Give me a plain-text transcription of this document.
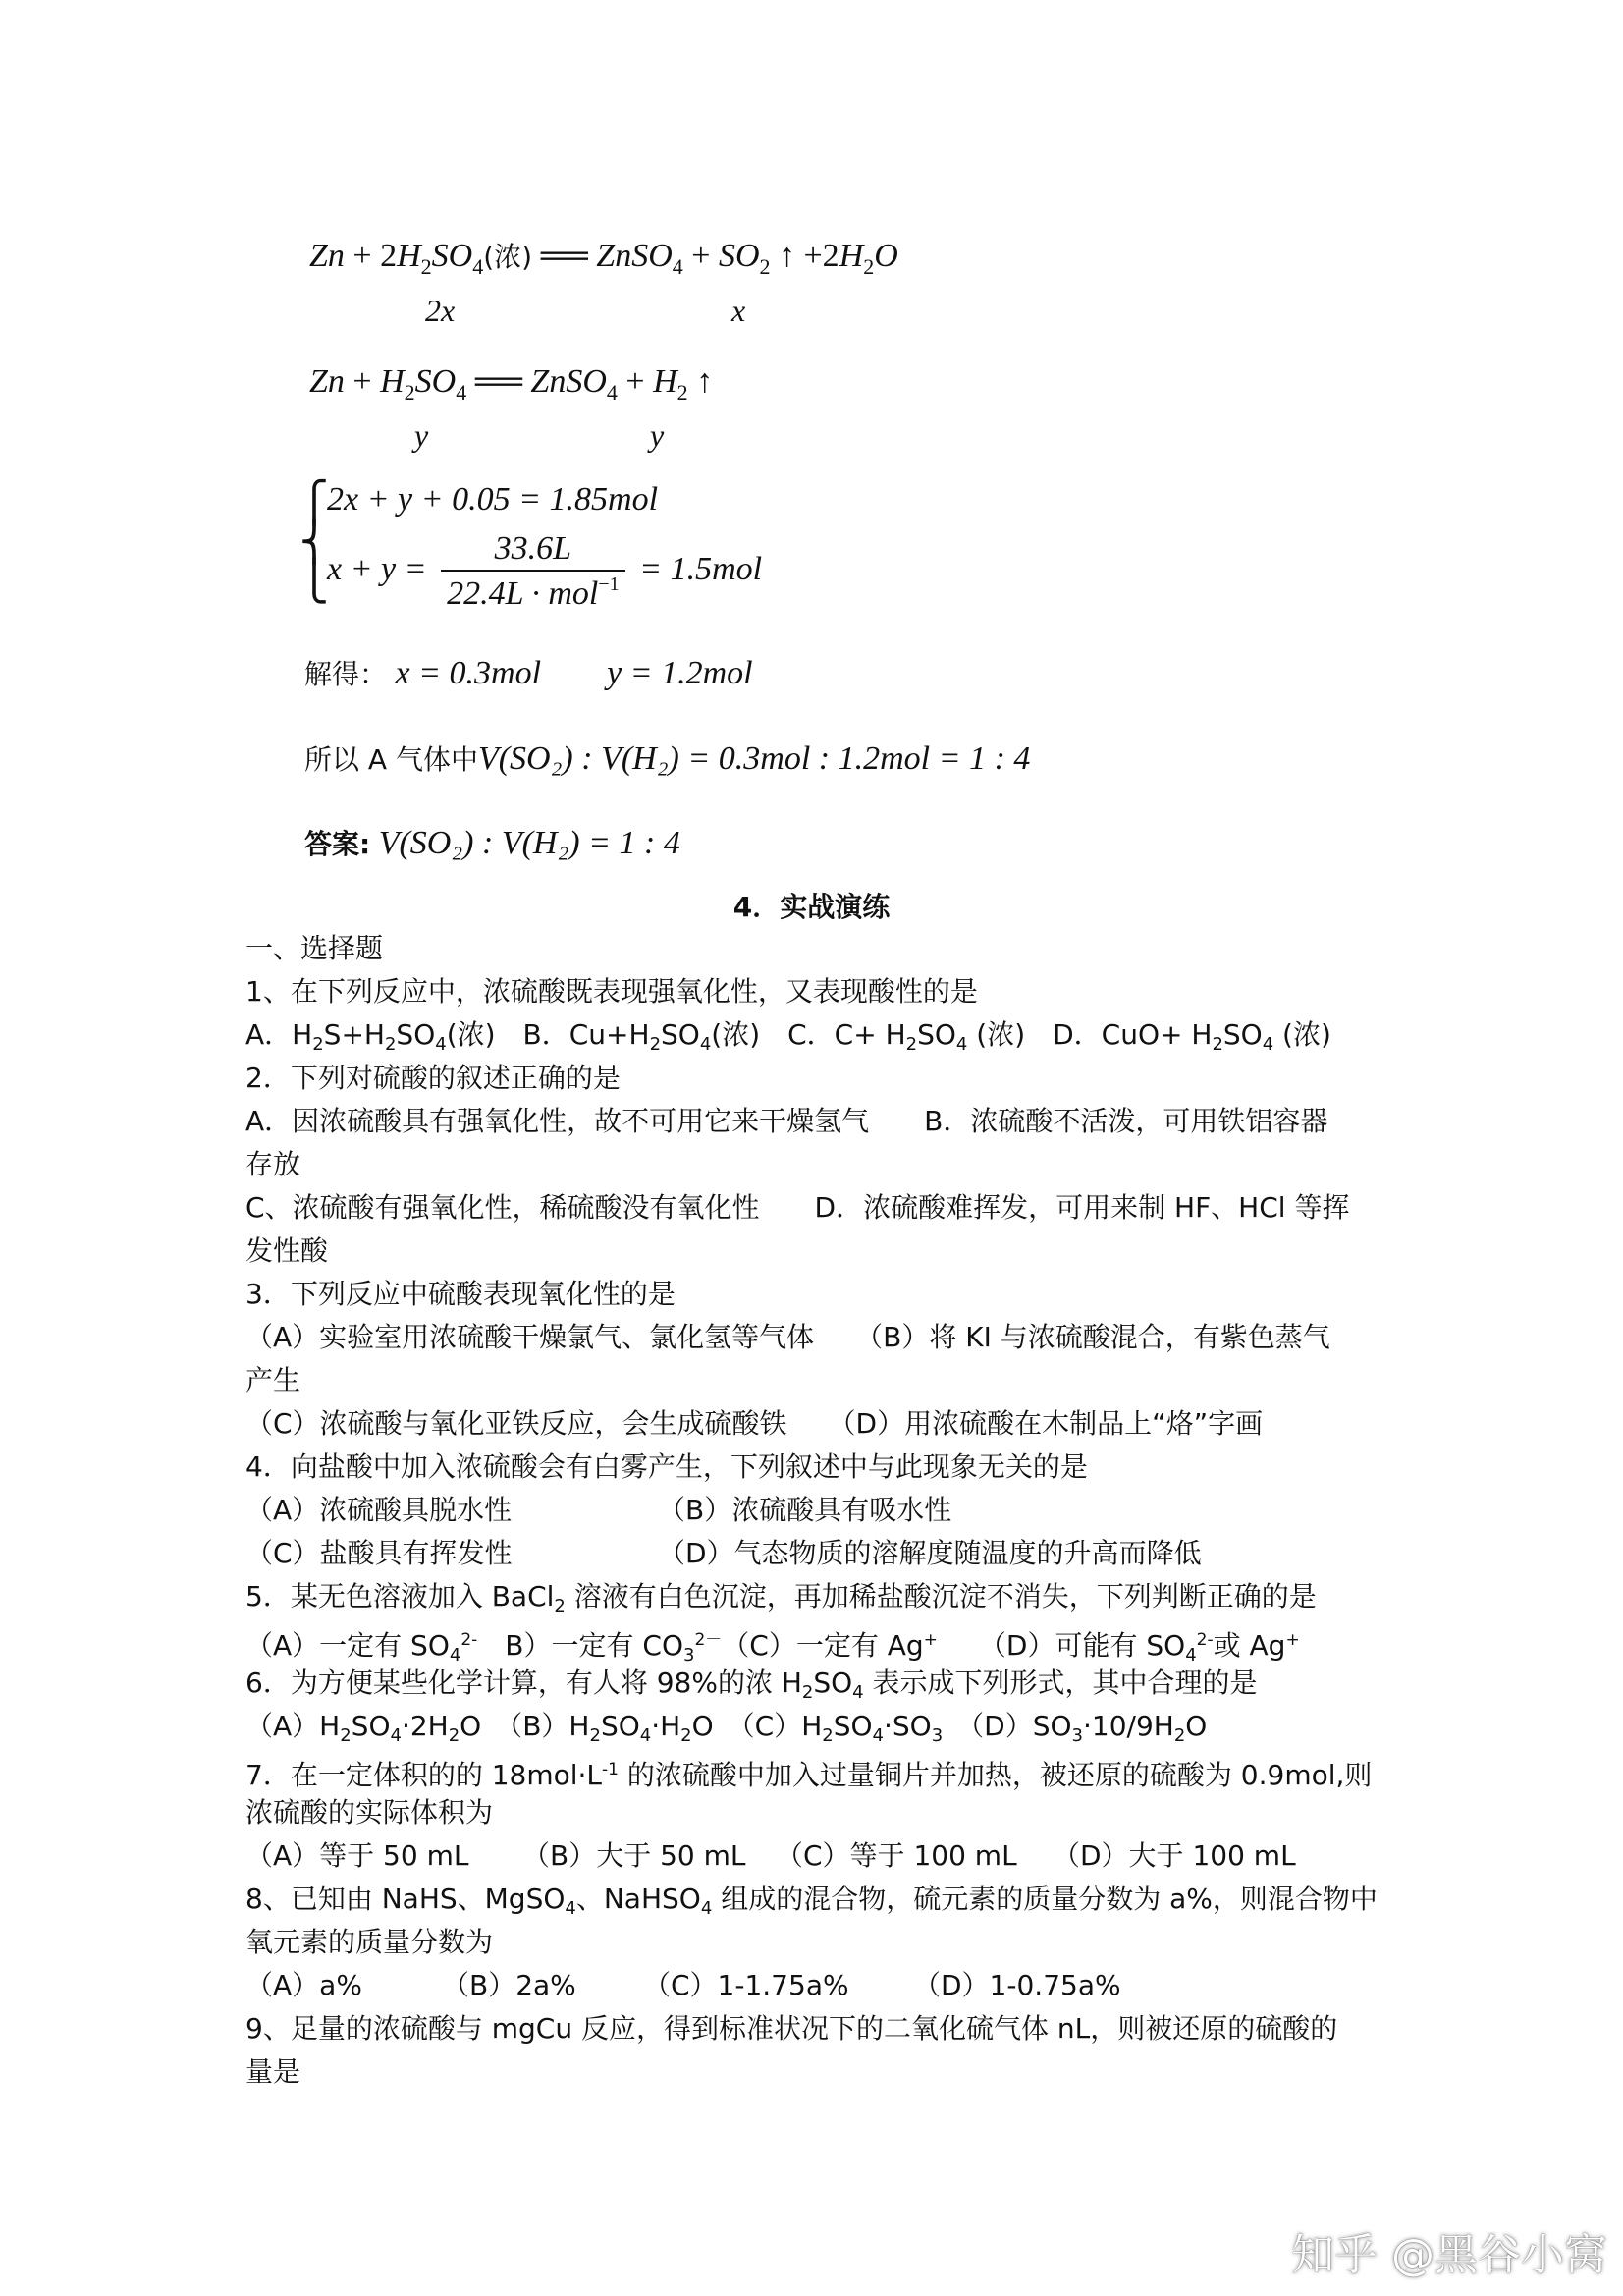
$Zn + 2H_2SO_4$(浓) ══ ZnSO$_4$ + $SO_2$ ↑ $+2H_2O$
2x	x
$Zn + H_2SO_4$ ══ ZnSO$_4$ + $H_2$ ↑
y	y
⎧
⎨
⎩
2x + y + 0.05 = 1.85mol
$x + y = \frac{33.6L}{22.4L \cdot mol^{-1}} = 1.5mol$
解得： x = 0.3mol y = 1.2mol
所以 A 气体中V(SO₂) : V(H₂) = 0.3mol : 1.2mol = 1 : 4
答案: V(SO₂) : V(H₂) = 1 : 4
4．实战演练
一、选择题
1、在下列反应中，浓硫酸既表现强氧化性，又表现酸性的是
A．$H_2S+H_2SO_4$(浓)　B．$Cu+H_2SO_4$(浓)　C．$C+ H_2SO_4$ (浓)　D．$CuO+ H_2SO_4$ (浓)
2．下列对硫酸的叙述正确的是
A．因浓硫酸具有强氧化性，故不可用它来干燥氢气　　B．浓硫酸不活泼，可用铁铝容器
存放
C、浓硫酸有强氧化性，稀硫酸没有氧化性　　D．浓硫酸难挥发，可用来制 HF、HCl 等挥
发性酸
3．下列反应中硫酸表现氧化性的是
（A）实验室用浓硫酸干燥氯气、氯化氢等气体　　（B）将 KI 与浓硫酸混合，有紫色蒸气
产生
（C）浓硫酸与氧化亚铁反应，会生成硫酸铁　　（D）用浓硫酸在木制品上“烙”字画
4．向盐酸中加入浓硫酸会有白雾产生，下列叙述中与此现象无关的是
（A）浓硫酸具脱水性	（B）浓硫酸具有吸水性
（C）盐酸具有挥发性	（D）气态物质的溶解度随温度的升高而降低
5．某无色溶液加入 BaCl$_2$ 溶液有白色沉淀，再加稀盐酸沉淀不消失，下列判断正确的是
（A）一定有 $SO_4^{2-}$　B）一定有 $CO_3^{2-}(C)$一定有 Ag+　　（D）可能有 $SO_4^{2-}$或 Ag+
6．为方便某些化学计算，有人将 98%的浓 $H_2SO_4$ 表示成下列形式，其中合理的是
$(A)H_2SO_4\cdot 2H_2O$　$(B)H_2SO_4\cdot H_2O$　$(C)H_2SO_4\cdot SO_3$　$(D)SO_3\cdot 10/9H_2O$
7．在一定体积的的 $18mol\cdot L^{-1}$ 的浓硫酸中加入过量铜片并加热，被还原的硫酸为 0.9mol,则
浓硫酸的实际体积为
（A）等于 50 mL （B）大于 50 mL （C）等于 100 mL （D）大于 100 mL
8、已知由 NaHS、MgSO$_4$、NaHSO$_4$ 组成的混合物，硫元素的质量分数为 a%，则混合物中
氧元素的质量分数为
（A）a%	（B）2a% （C）1-1.75a% （D）1-0.75a%
9、足量的浓硫酸与 mgCu 反应，得到标准状况下的二氧化硫气体 nL，则被还原的硫酸的
量是
知乎 @黑谷小窝
